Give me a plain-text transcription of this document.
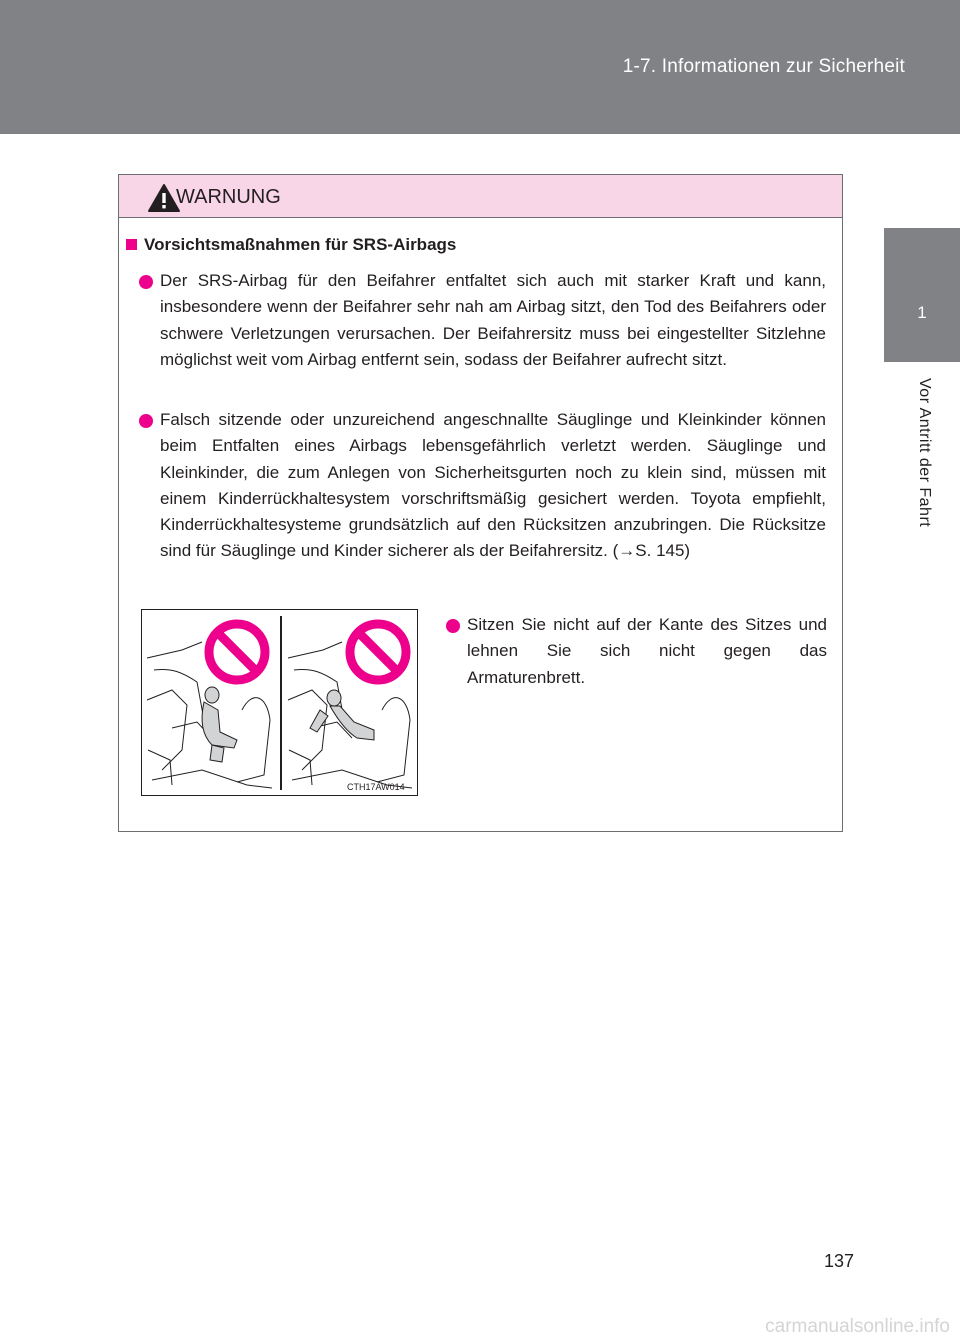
1-7. Informationen zur Sicherheit
1
Vor Antritt der Fahrt
WARNUNG
Vorsichtsmaßnahmen für SRS-Airbags
Der SRS-Airbag für den Beifahrer entfaltet sich auch mit starker Kraft und kann, insbesondere wenn der Beifahrer sehr nah am Airbag sitzt, den Tod des Beifahrers oder schwere Verletzungen verursachen. Der Beifahrersitz muss bei eingestellter Sitzlehne möglichst weit vom Airbag entfernt sein, sodass der Beifahrer aufrecht sitzt.
Falsch sitzende oder unzureichend angeschnallte Säuglinge und Kleinkinder können beim Entfalten eines Airbags lebensgefährlich verletzt werden. Säuglinge und Kleinkinder, die zum Anlegen von Sicherheitsgurten noch zu klein sind, müssen mit einem Kinderrückhaltesystem vorschriftsmäßig gesichert werden. Toyota empfiehlt, Kinderrückhaltesysteme grundsätzlich auf den Rücksitzen anzubringen. Die Rücksitze sind für Säuglinge und Kinder sicherer als der Beifahrersitz. (→S. 145)
Sitzen Sie nicht auf der Kante des Sitzes und lehnen Sie sich nicht gegen das Armaturenbrett.
CTH17AW014
137
carmanualsonline.info
